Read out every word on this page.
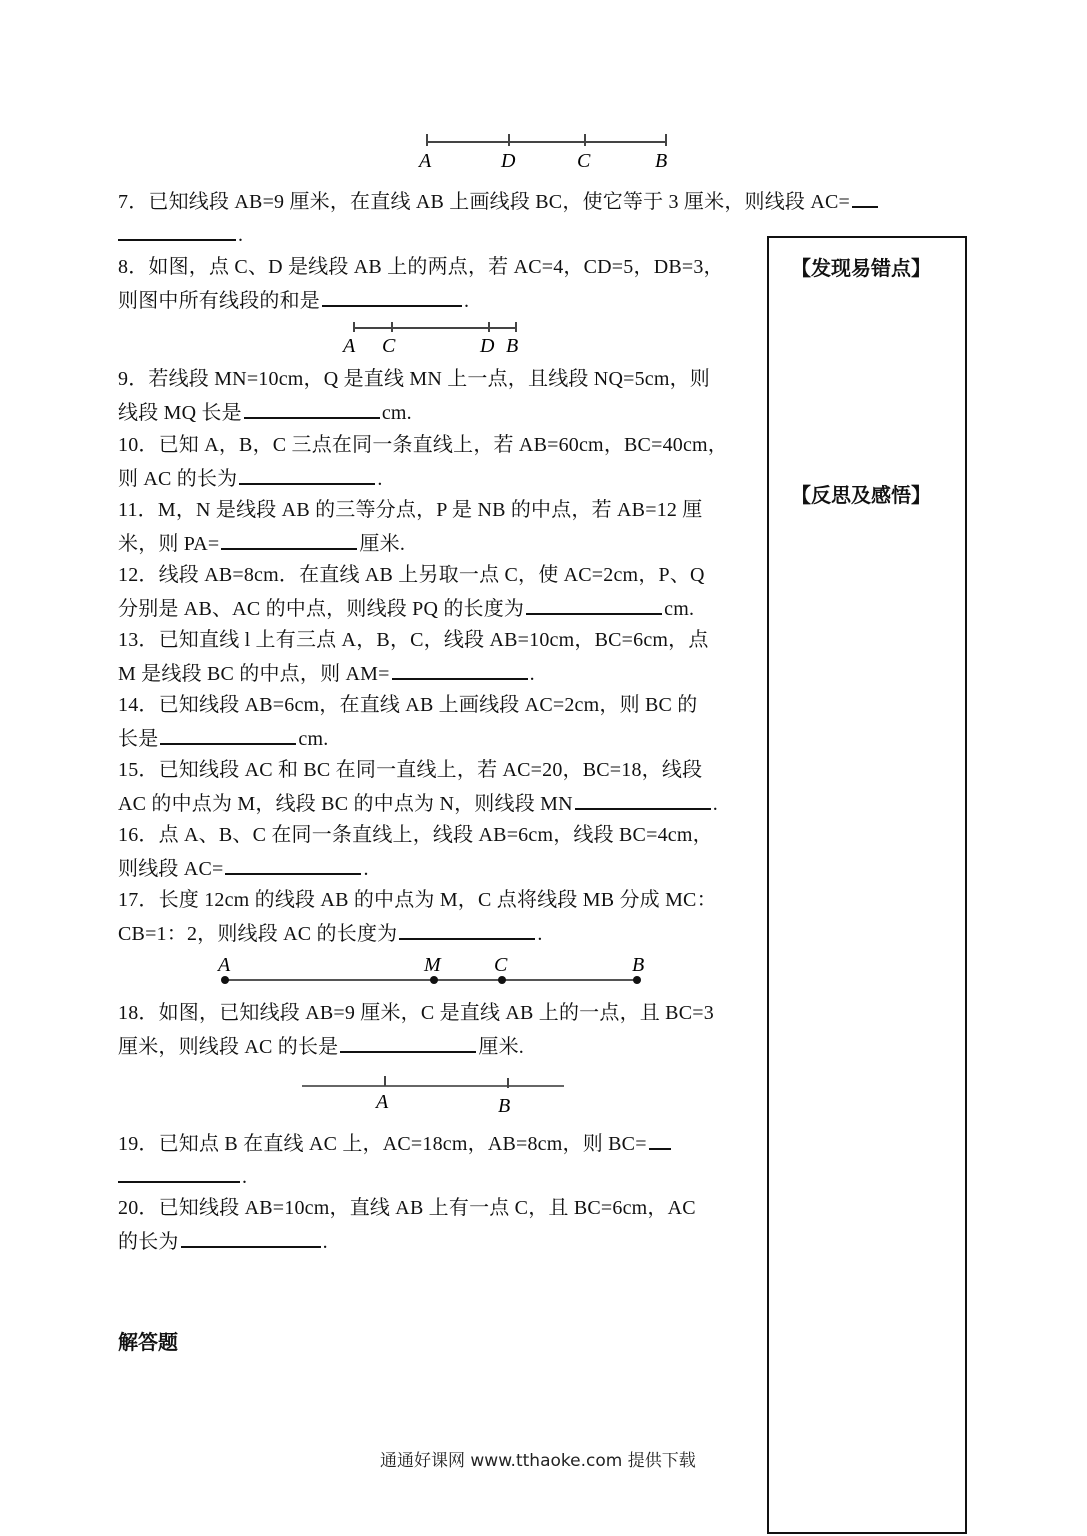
A	D	C	B
7．已知线段 AB=9 厘米，在直线 AB 上画线段 BC，使它等于 3 厘米，则线段 AC=
.
8．如图，点 C、D 是线段 AB 上的两点，若 AC=4，CD=5，DB=3，
则图中所有线段的和是	.
A C	D B
9．若线段 MN=10cm，Q 是直线 MN 上一点，且线段 NQ=5cm，则
线段 MQ 长是	cm.
10．已知 A，B，C 三点在同一条直线上，若 AB=60cm，BC=40cm，
则 AC 的长为	.
11．M，N 是线段 AB 的三等分点，P 是 NB 的中点，若 AB=12 厘
米，则 PA=	厘米.
12．线段 AB=8cm．在直线 AB 上另取一点 C，使 AC=2cm，P、Q
分别是 AB、AC 的中点，则线段 PQ 的长度为	cm.
13．已知直线 l 上有三点 A，B，C，线段 AB=10cm，BC=6cm，点
M 是线段 BC 的中点，则 AM=	.
14．已知线段 AB=6cm，在直线 AB 上画线段 AC=2cm，则 BC 的
长是	cm.
15．已知线段 AC 和 BC 在同一直线上，若 AC=20，BC=18，线段
AC 的中点为 M，线段 BC 的中点为 N，则线段 MN	.
16．点 A、B、C 在同一条直线上，线段 AB=6cm，线段 BC=4cm，
则线段 AC=	.
17．长度 12cm 的线段 AB 的中点为 M，C 点将线段 MB 分成 MC：
CB=1：2，则线段 AC 的长度为	.
A	M	C	B
18．如图，已知线段 AB=9 厘米，C 是直线 AB 上的一点，且 BC=3
厘米，则线段 AC 的长是	厘米.
A	B
19．已知点 B 在直线 AC 上，AC=18cm，AB=8cm，则 BC=
.
20．已知线段 AB=10cm，直线 AB 上有一点 C，且 BC=6cm，AC
的长为	.
解答题
【发现易错点】
【反思及感悟】
通通好课网 www.tthaoke.com 提供下载
